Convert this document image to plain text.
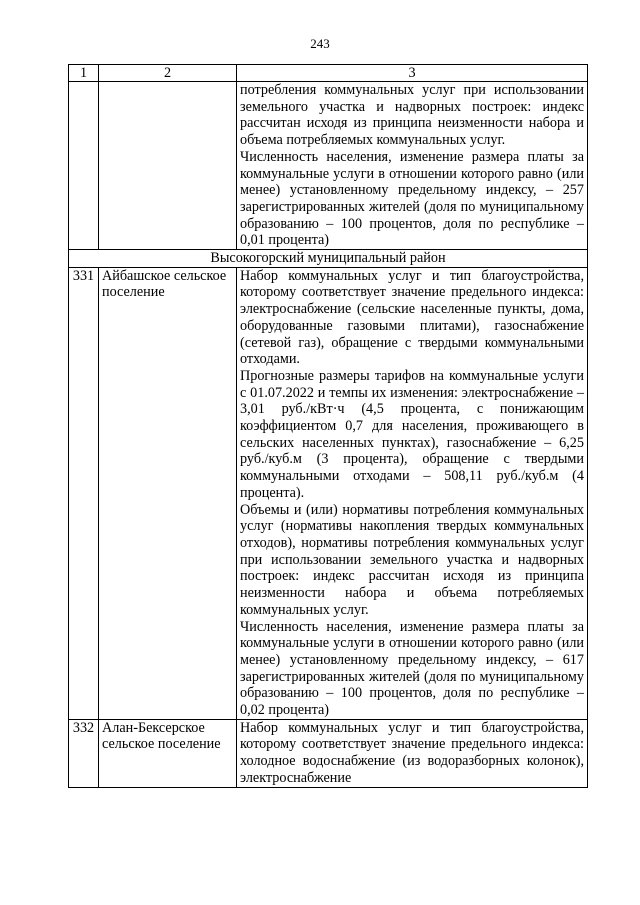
243
1	2	3

		потребления коммунальных услуг при использовании земельного участка и надворных построек: индекс рассчитан исходя из принципа неизменности набора и объема потребляемых коммунальных услуг.

Численность населения, изменение размера платы за коммунальные услуги в отношении которого равно (или менее) установленному предельному индексу, – 257 зарегистрированных жителей (доля по муниципальному образованию – 100 процентов, доля по республике – 0,01 процента)

Высокогорский муниципальный район		
331	Айбашское сельское поселение	Набор коммунальных услуг и тип благоустройства, которому соответствует значение предельного индекса: электроснабжение (сельские населенные пункты, дома, оборудованные газовыми плитами), газоснабжение (сетевой газ), обращение с твердыми коммунальными отходами.

Прогнозные размеры тарифов на коммунальные услуги с 01.07.2022 и темпы их изменения: электроснабжение – 3,01 руб./кВт·ч (4,5 процента, с понижающим коэффициентом 0,7 для населения, проживающего в сельских населенных пунктах), газоснабжение – 6,25 руб./куб.м (3 процента), обращение с твердыми коммунальными отходами – 508,11 руб./куб.м (4 процента).

Объемы и (или) нормативы потребления коммунальных услуг (нормативы накопления твердых коммунальных отходов), нормативы потребления коммунальных услуг при использовании земельного участка и надворных построек: индекс рассчитан исходя из принципа неизменности набора и объема потребляемых коммунальных услуг.

Численность населения, изменение размера платы за коммунальные услуги в отношении которого равно (или менее) установленному предельному индексу, – 617 зарегистрированных жителей (доля по муниципальному образованию – 100 процентов, доля по республике – 0,02 процента)

332	Алан-Бексерское сельское поселение	Набор коммунальных услуг и тип благоустройства, которому соответствует значение предельного индекса: холодное водоснабжение (из водоразборных колонок), электроснабжение
